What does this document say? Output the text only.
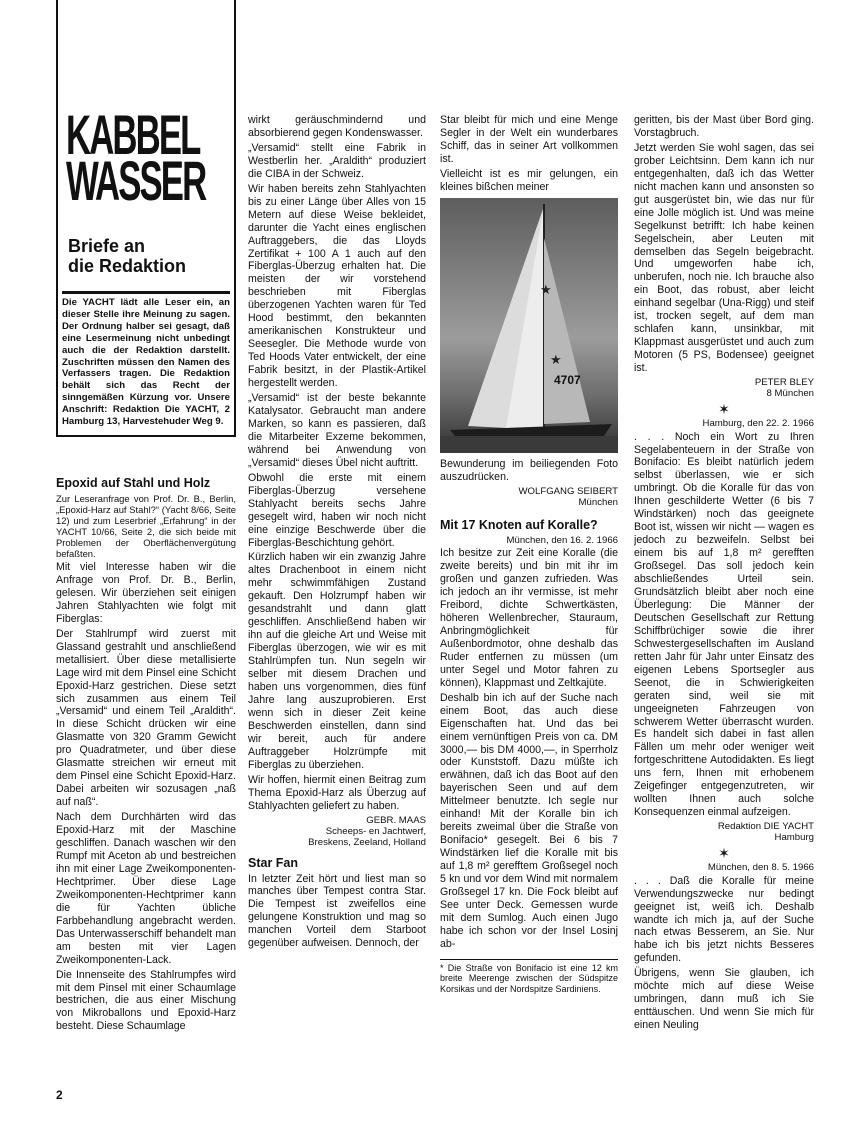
KABBEL
WASSER
Briefe an
die Redaktion
Die YACHT lädt alle Leser ein, an dieser Stelle ihre Meinung zu sagen. Der Ordnung halber sei gesagt, daß eine Lesermeinung nicht unbedingt auch die der Redaktion darstellt. Zuschriften müssen den Namen des Verfassers tragen. Die Redaktion behält sich das Recht der sinngemäßen Kürzung vor. Unsere Anschrift: Redaktion Die YACHT, 2 Hamburg 13, Harvestehuder Weg 9.
Epoxid auf Stahl und Holz

Zur Leseranfrage von Prof. Dr. B., Berlin, „Epoxid-Harz auf Stahl?“ (Yacht 8/66, Seite 12) und zum Leserbrief „Erfahrung“ in der YACHT 10/66, Seite 2, die sich beide mit Problemen der Oberflächenvergütung befaßten.

Mit viel Interesse haben wir die Anfrage von Prof. Dr. B., Berlin, gelesen. Wir überziehen seit einigen Jahren Stahlyachten wie folgt mit Fiberglas:

Der Stahlrumpf wird zuerst mit Glassand gestrahlt und anschließend metallisiert. Über diese metallisierte Lage wird mit dem Pinsel eine Schicht Epoxid-Harz gestrichen. Diese setzt sich zusammen aus einem Teil „Versamid“ und einem Teil „Araldith“. In diese Schicht drücken wir eine Glasmatte von 320 Gramm Gewicht pro Quadratmeter, und über diese Glasmatte streichen wir erneut mit dem Pinsel eine Schicht Epoxid-Harz. Dabei arbeiten wir sozusagen „naß auf naß“.

Nach dem Durchhärten wird das Epoxid-Harz mit der Maschine geschliffen. Danach waschen wir den Rumpf mit Aceton ab und bestreichen ihn mit einer Lage Zweikomponenten-Hechtprimer. Über diese Lage Zweikomponenten-Hechtprimer kann die für Yachten übliche Farbbehandlung angebracht werden. Das Unterwasserschiff behandelt man am besten mit vier Lagen Zweikomponenten-Lack.

Die Innenseite des Stahlrumpfes wird mit dem Pinsel mit einer Schaumlage bestrichen, die aus einer Mischung von Mikroballons und Epoxid-Harz besteht. Diese Schaumlage

wirkt geräuschmindernd und absorbierend gegen Kondenswasser.

„Versamid“ stellt eine Fabrik in Westberlin her. „Araldith“ produziert die CIBA in der Schweiz.

Wir haben bereits zehn Stahlyachten bis zu einer Länge über Alles von 15 Metern auf diese Weise bekleidet, darunter die Yacht eines englischen Auftraggebers, die das Lloyds Zertifikat + 100 A 1 auch auf den Fiberglas-Überzug erhalten hat. Die meisten der wir vorstehend beschrieben mit Fiberglas überzogenen Yachten waren für Ted Hood bestimmt, den bekannten amerikanischen Konstrukteur und Seesegler. Die Methode wurde von Ted Hoods Vater entwickelt, der eine Fabrik besitzt, in der Plastik-Artikel hergestellt werden.

„Versamid“ ist der beste bekannte Katalysator. Gebraucht man andere Marken, so kann es passieren, daß die Mitarbeiter Exzeme bekommen, während bei Anwendung von „Versamid“ dieses Übel nicht auftritt.

Obwohl die erste mit einem Fiberglas-Überzug versehene Stahlyacht bereits sechs Jahre gesegelt wird, haben wir noch nicht eine einzige Beschwerde über die Fiberglas-Beschichtung gehört.

Kürzlich haben wir ein zwanzig Jahre altes Drachenboot in einem nicht mehr schwimmfähigen Zustand gekauft. Den Holzrumpf haben wir gesandstrahlt und dann glatt geschliffen. Anschließend haben wir ihn auf die gleiche Art und Weise mit Fiberglas überzogen, wie wir es mit Stahlrümpfen tun. Nun segeln wir selber mit diesem Drachen und haben uns vorgenommen, dies fünf Jahre lang auszuprobieren. Erst wenn sich in dieser Zeit keine Beschwerden einstellen, dann sind wir bereit, auch für andere Auftraggeber Holzrümpfe mit Fiberglas zu überziehen.

Wir hoffen, hiermit einen Beitrag zum Thema Epoxid-Harz als Überzug auf Stahlyachten geliefert zu haben.

GEBR. MAAS
Scheeps- en Jachtwerf,
Breskens, Zeeland, Holland
Star Fan

In letzter Zeit hört und liest man so manches über Tempest contra Star. Die Tempest ist zweifellos eine gelungene Konstruktion und mag so manchen Vorteil dem Starboot gegenüber aufweisen. Dennoch, der

Star bleibt für mich und eine Menge Segler in der Welt ein wunderbares Schiff, das in seiner Art vollkommen ist.

Vielleicht ist es mir gelungen, ein kleines bißchen meiner

★
★
4707

Bewunderung im beiliegenden Foto auszudrücken.

WOLFGANG SEIBERT
München
Mit 17 Knoten auf Koralle?
München, den 16. 2. 1966

Ich besitze zur Zeit eine Koralle (die zweite bereits) und bin mit ihr im großen und ganzen zufrieden. Was ich jedoch an ihr vermisse, ist mehr Freibord, dichte Schwertkästen, höheren Wellenbrecher, Stauraum, Anbringmöglichkeit für Außenbordmotor, ohne deshalb das Ruder entfernen zu müssen (um unter Segel und Motor fahren zu können), Klappmast und Zeltkajüte.

Deshalb bin ich auf der Suche nach einem Boot, das auch diese Eigenschaften hat. Und das bei einem vernünftigen Preis von ca. DM 3000,— bis DM 4000,—, in Sperrholz oder Kunststoff. Dazu müßte ich erwähnen, daß ich das Boot auf den bayerischen Seen und auf dem Mittelmeer benutzte. Ich segle nur einhand! Mit der Koralle bin ich bereits zweimal über die Straße von Bonifacio* gesegelt. Bei 6 bis 7 Windstärken lief die Koralle mit bis auf 1,8 m² gerefftem Großsegel noch 5 kn und vor dem Wind mit normalem Großsegel 17 kn. Die Fock bleibt auf See unter Deck. Gemessen wurde mit dem Sumlog. Auch einen Jugo habe ich schon vor der Insel Losinj ab-

* Die Straße von Bonifacio ist eine 12 km breite Meerenge zwischen der Südspitze Korsikas und der Nordspitze Sardiniens.

geritten, bis der Mast über Bord ging. Vorstagbruch.

Jetzt werden Sie wohl sagen, das sei grober Leichtsinn. Dem kann ich nur entgegenhalten, daß ich das Wetter nicht machen kann und ansonsten so gut ausgerüstet bin, wie das nur für eine Jolle möglich ist. Und was meine Segelkunst betrifft: Ich habe keinen Segelschein, aber Leuten mit demselben das Segeln beigebracht. Und umgeworfen habe ich, unberufen, noch nie. Ich brauche also ein Boot, das robust, aber leicht einhand segelbar (Una-Rigg) und steif ist, trocken segelt, auf dem man schlafen kann, unsinkbar, mit Klappmast ausgerüstet und auch zum Motoren (5 PS, Bodensee) geeignet ist.

PETER BLEY
8 München
✶
Hamburg, den 22. 2. 1966

. . . Noch ein Wort zu Ihren Segelabenteuern in der Straße von Bonifacio: Es bleibt natürlich jedem selbst überlassen, wie er sich umbringt. Ob die Koralle für das von Ihnen geschilderte Wetter (6 bis 7 Windstärken) noch das geeignete Boot ist, wissen wir nicht — wagen es jedoch zu bezweifeln. Selbst bei einem bis auf 1,8 m² gerefften Großsegel. Das soll jedoch kein abschließendes Urteil sein. Grundsätzlich bleibt aber noch eine Überlegung: Die Männer der Deutschen Gesellschaft zur Rettung Schiffbrüchiger sowie die ihrer Schwestergesellschaften im Ausland retten Jahr für Jahr unter Einsatz des eigenen Lebens Sportsegler aus Seenot, die in Schwierigkeiten geraten sind, weil sie mit ungeeigneten Fahrzeugen von schwerem Wetter überrascht wurden. Es handelt sich dabei in fast allen Fällen um mehr oder weniger weit fortgeschrittene Autodidakten. Es liegt uns fern, Ihnen mit erhobenem Zeigefinger entgegenzutreten, wir wollten Ihnen auch solche Konsequenzen einmal aufzeigen.

Redaktion DIE YACHT
Hamburg
✶
München, den 8. 5. 1966

. . . Daß die Koralle für meine Verwendungszwecke nur bedingt geeignet ist, weiß ich. Deshalb wandte ich mich ja, auf der Suche nach etwas Besserem, an Sie. Nur habe ich bis jetzt nichts Besseres gefunden.

Übrigens, wenn Sie glauben, ich möchte mich auf diese Weise umbringen, dann muß ich Sie enttäuschen. Und wenn Sie mich für einen Neuling

2
